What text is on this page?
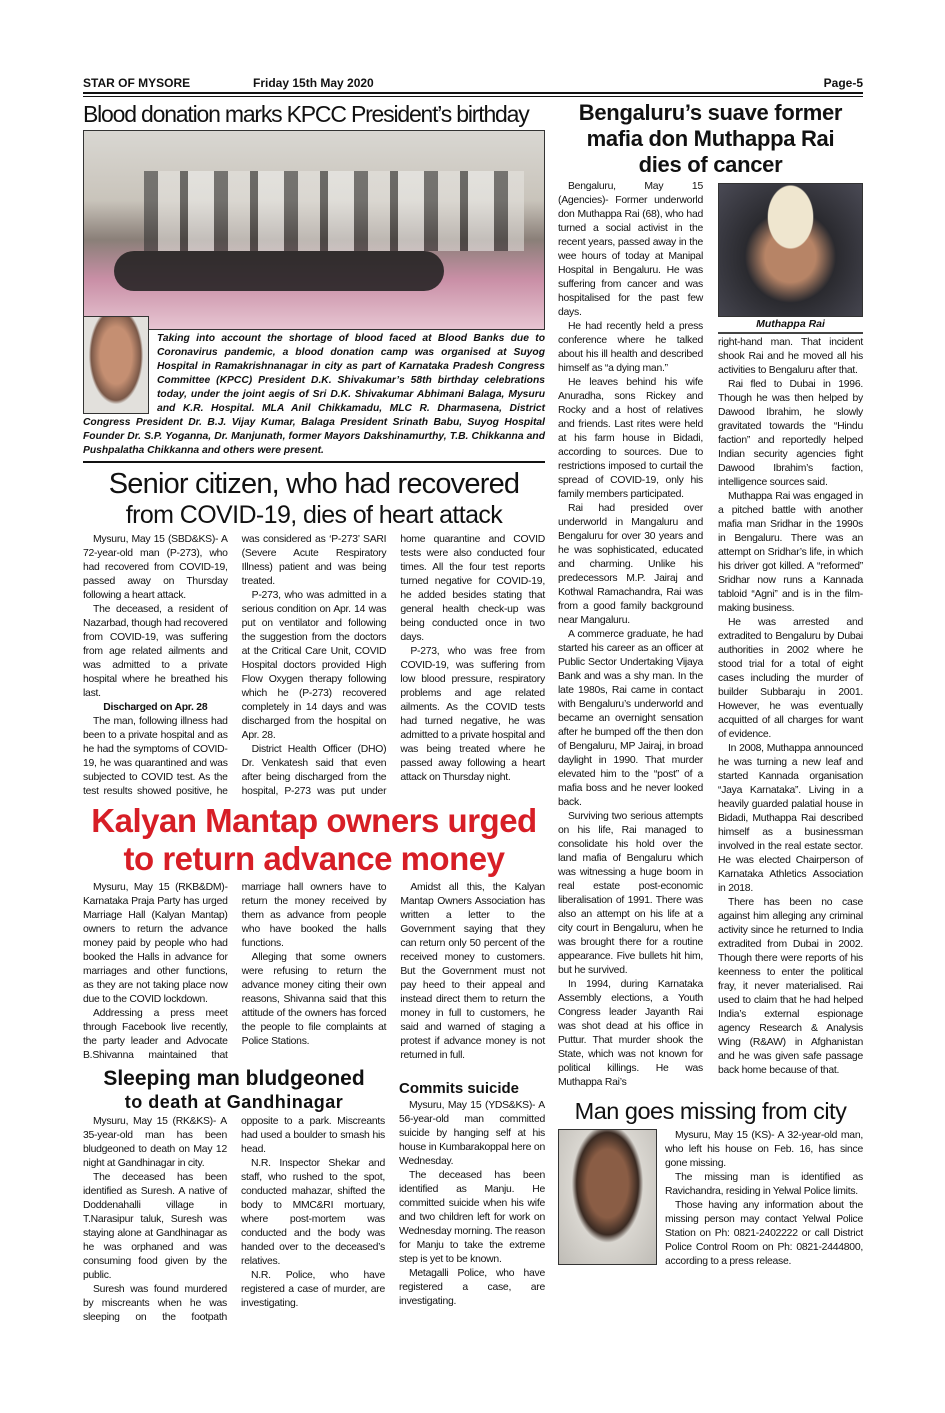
STAR OF MYSORE	Friday 15th May 2020	Page-5
Blood donation marks KPCC President’s birthday
Taking into account the shortage of blood faced at Blood Banks due to Coronavirus pandemic, a blood donation camp was organised at Suyog Hospital in Ramakrishnanagar in city as part of Karnataka Pradesh Congress Committee (KPCC) President D.K. Shivakumar’s 58th birthday celebrations today, under the joint aegis of Sri D.K. Shivakumar Abhimani Balaga, Mysuru and K.R. Hospital. MLA Anil Chikkamadu, MLC R. Dharmasena, District Congress President Dr. B.J. Vijay Kumar, Balaga President Srinath Babu, Suyog Hospital Founder Dr. S.P. Yoganna, Dr. Manjunath, former Mayors Dakshinamurthy, T.B. Chikkanna and Pushpalatha Chikkanna and others were present.
Senior citizen, who had recovered
from COVID-19, dies of heart attack

Mysuru, May 15 (SBD&KS)- A 72-year-old man (P-273), who had recovered from COVID-19, passed away on Thursday following a heart attack.

The deceased, a resident of Nazarbad, though had recovered from COVID-19, was suffering from age related ailments and was admitted to a private hospital where he breathed his last.

Discharged on Apr. 28

The man, following illness had been to a private hospital and as he had the symptoms of COVID-19, he was quarantined and was subjected to COVID test. As the test results showed positive, he was considered as ‘P-273’ SARI (Severe Acute Respiratory Illness) patient and was being treated.

P-273, who was admitted in a serious condition on Apr. 14 was put on ventilator and following the suggestion from the doctors at the Critical Care Unit, COVID Hospital doctors provided High Flow Oxygen therapy following which he (P-273) recovered completely in 14 days and was discharged from the hospital on Apr. 28.

District Health Officer (DHO) Dr. Venkatesh said that even after being discharged from the hospital, P-273 was put under home quarantine and COVID tests were also conducted four times. All the four test reports turned negative for COVID-19, he added besides stating that general health check-up was being conducted once in two days.

P-273, who was free from COVID-19, was suffering from low blood pressure, respiratory problems and age related ailments. As the COVID tests had turned negative, he was admitted to a private hospital and was being treated where he passed away following a heart attack on Thursday night.

Kalyan Mantap owners urged
to return advance money

Mysuru, May 15 (RKB&DM)- Karnataka Praja Party has urged Marriage Hall (Kalyan Mantap) owners to return the advance money paid by people who had booked the Halls in advance for marriages and other functions, as they are not taking place now due to the COVID lockdown.

Addressing a press meet through Facebook live recently, the party leader and Advocate B.Shivanna maintained that marriage hall owners have to return the money received by them as advance from people who have booked the halls functions.

Alleging that some owners were refusing to return the advance money citing their own reasons, Shivanna said that this attitude of the owners has forced the people to file complaints at Police Stations.

Amidst all this, the Kalyan Mantap Owners Association has written a letter to the Government saying that they can return only 50 percent of the received money to customers. But the Government must not pay heed to their appeal and instead direct them to return the money in full to customers, he said and warned of staging a protest if advance money is not returned in full.

Sleeping man bludgeoned
to death at Gandhinagar

Mysuru, May 15 (RK&KS)- A 35-year-old man has been bludgeoned to death on May 12 night at Gandhinagar in city.

The deceased has been identified as Suresh. A native of Doddenahalli village in T.Narasipur taluk, Suresh was staying alone at Gandhinagar as he was orphaned and was consuming food given by the public.

Suresh was found murdered by miscreants when he was sleeping on the footpath opposite to a park. Miscreants had used a boulder to smash his head.

N.R. Inspector Shekar and staff, who rushed to the spot, conducted mahazar, shifted the body to MMC&RI mortuary, where post-mortem was conducted and the body was handed over to the deceased’s relatives.

N.R. Police, who have registered a case of murder, are investigating.

Commits suicide

Mysuru, May 15 (YDS&KS)- A 56-year-old man committed suicide by hanging self at his house in Kumbarakoppal here on Wednesday.

The deceased has been identified as Manju. He committed suicide when his wife and two children left for work on Wednesday morning. The reason for Manju to take the extreme step is yet to be known.

Metagalli Police, who have registered a case, are investigating.

Bengaluru’s suave former
mafia don Muthappa Rai
dies of cancer

Bengaluru, May 15 (Agencies)- Former underworld don Muthappa Rai (68), who had turned a social activist in the recent years, passed away in the wee hours of today at Manipal Hospital in Bengaluru. He was suffering from cancer and was hospitalised for the past few days.

He had recently held a press conference where he talked about his ill health and described himself as “a dying man.”

He leaves behind his wife Anuradha, sons Rickey and Rocky and a host of relatives and friends. Last rites were held at his farm house in Bidadi, according to sources. Due to restrictions imposed to curtail the spread of COVID-19, only his family members participated.

Rai had presided over underworld in Mangaluru and Bengaluru for over 30 years and he was sophisticated, educated and charming. Unlike his predecessors M.P. Jairaj and Kothwal Ramachandra, Rai was from a good family background near Mangaluru.

A commerce graduate, he had started his career as an officer at Public Sector Undertaking Vijaya Bank and was a shy man. In the late 1980s, Rai came in contact with Bengaluru’s underworld and became an overnight sensation after he bumped off the then don of Bengaluru, MP Jairaj, in broad daylight in 1990. That murder elevated him to the “post” of a mafia boss and he never looked back.

Surviving two serious attempts on his life, Rai managed to consolidate his hold over the land mafia of Bengaluru which was witnessing a huge boom in real estate post-economic liberalisation of 1991. There was also an attempt on his life at a city court in Bengaluru, when he was brought there for a routine appearance. Five bullets hit him, but he survived.

In 1994, during Karnataka Assembly elections, a Youth Congress leader Jayanth Rai was shot dead at his office in Puttur. That murder shook the State, which was not known for political killings. He was Muthappa Rai’s

Muthappa Rai

right-hand man. That incident shook Rai and he moved all his activities to Bengaluru after that.

Rai fled to Dubai in 1996. Though he was then helped by Dawood Ibrahim, he slowly gravitated towards the “Hindu faction” and reportedly helped Indian security agencies fight Dawood Ibrahim’s faction, intelligence sources said.

Muthappa Rai was engaged in a pitched battle with another mafia man Sridhar in the 1990s in Bengaluru. There was an attempt on Sridhar’s life, in which his driver got killed. A “reformed” Sridhar now runs a Kannada tabloid “Agni” and is in the film-making business.

He was arrested and extradited to Bengaluru by Dubai authorities in 2002 where he stood trial for a total of eight cases including the murder of builder Subbaraju in 2001. However, he was eventually acquitted of all charges for want of evidence.

In 2008, Muthappa announced he was turning a new leaf and started Kannada organisation “Jaya Karnataka”. Living in a heavily guarded palatial house in Bidadi, Muthappa Rai described himself as a businessman involved in the real estate sector. He was elected Chairperson of Karnataka Athletics Association in 2018.

There has been no case against him alleging any criminal activity since he returned to India extradited from Dubai in 2002. Though there were reports of his keenness to enter the political fray, it never materialised. Rai used to claim that he had helped India’s external espionage agency Research & Analysis Wing (R&AW) in Afghanistan and he was given safe passage back home because of that.

Man goes missing from city

Mysuru, May 15 (KS)- A 32-year-old man, who left his house on Feb. 16, has since gone missing.

The missing man is identified as Ravichandra, residing in Yelwal Police limits.

Those having any information about the missing person may contact Yelwal Police Station on Ph: 0821-2402222 or call District Police Control Room on Ph: 0821-2444800, according to a press release.
